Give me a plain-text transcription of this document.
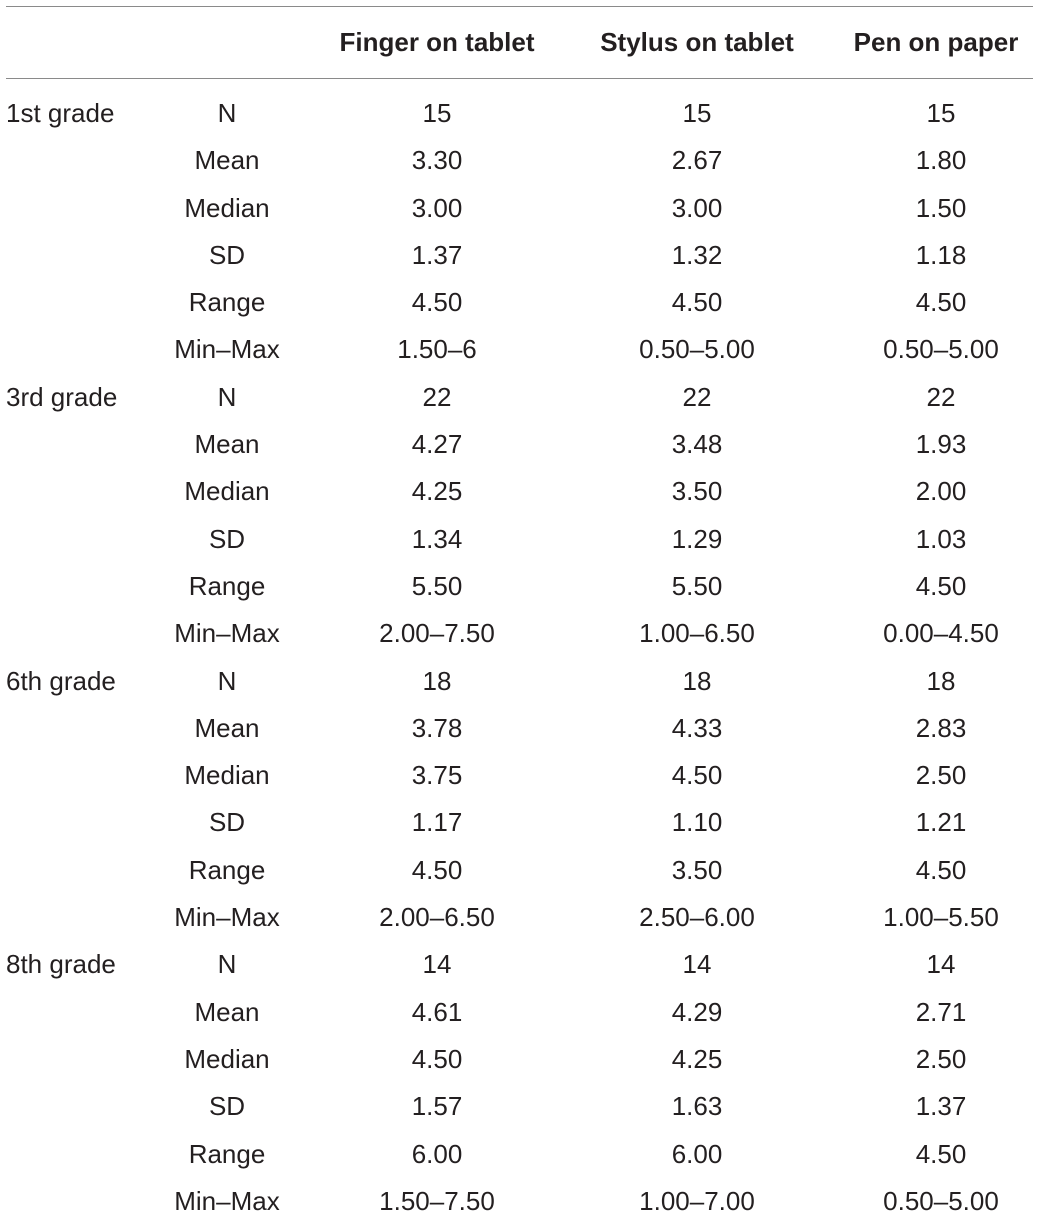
Finger on tablet	Stylus on tablet	Pen on paper
1st grade	N	15	15	15
Mean	3.30	2.67	1.80
Median	3.00	3.00	1.50
SD	1.37	1.32	1.18
Range	4.50	4.50	4.50
Min–Max	1.50–6	0.50–5.00	0.50–5.00
3rd grade	N	22	22	22
Mean	4.27	3.48	1.93
Median	4.25	3.50	2.00
SD	1.34	1.29	1.03
Range	5.50	5.50	4.50
Min–Max	2.00–7.50	1.00–6.50	0.00–4.50
6th grade	N	18	18	18
Mean	3.78	4.33	2.83
Median	3.75	4.50	2.50
SD	1.17	1.10	1.21
Range	4.50	3.50	4.50
Min–Max	2.00–6.50	2.50–6.00	1.00–5.50
8th grade	N	14	14	14
Mean	4.61	4.29	2.71
Median	4.50	4.25	2.50
SD	1.57	1.63	1.37
Range	6.00	6.00	4.50
Min–Max	1.50–7.50	1.00–7.00	0.50–5.00
